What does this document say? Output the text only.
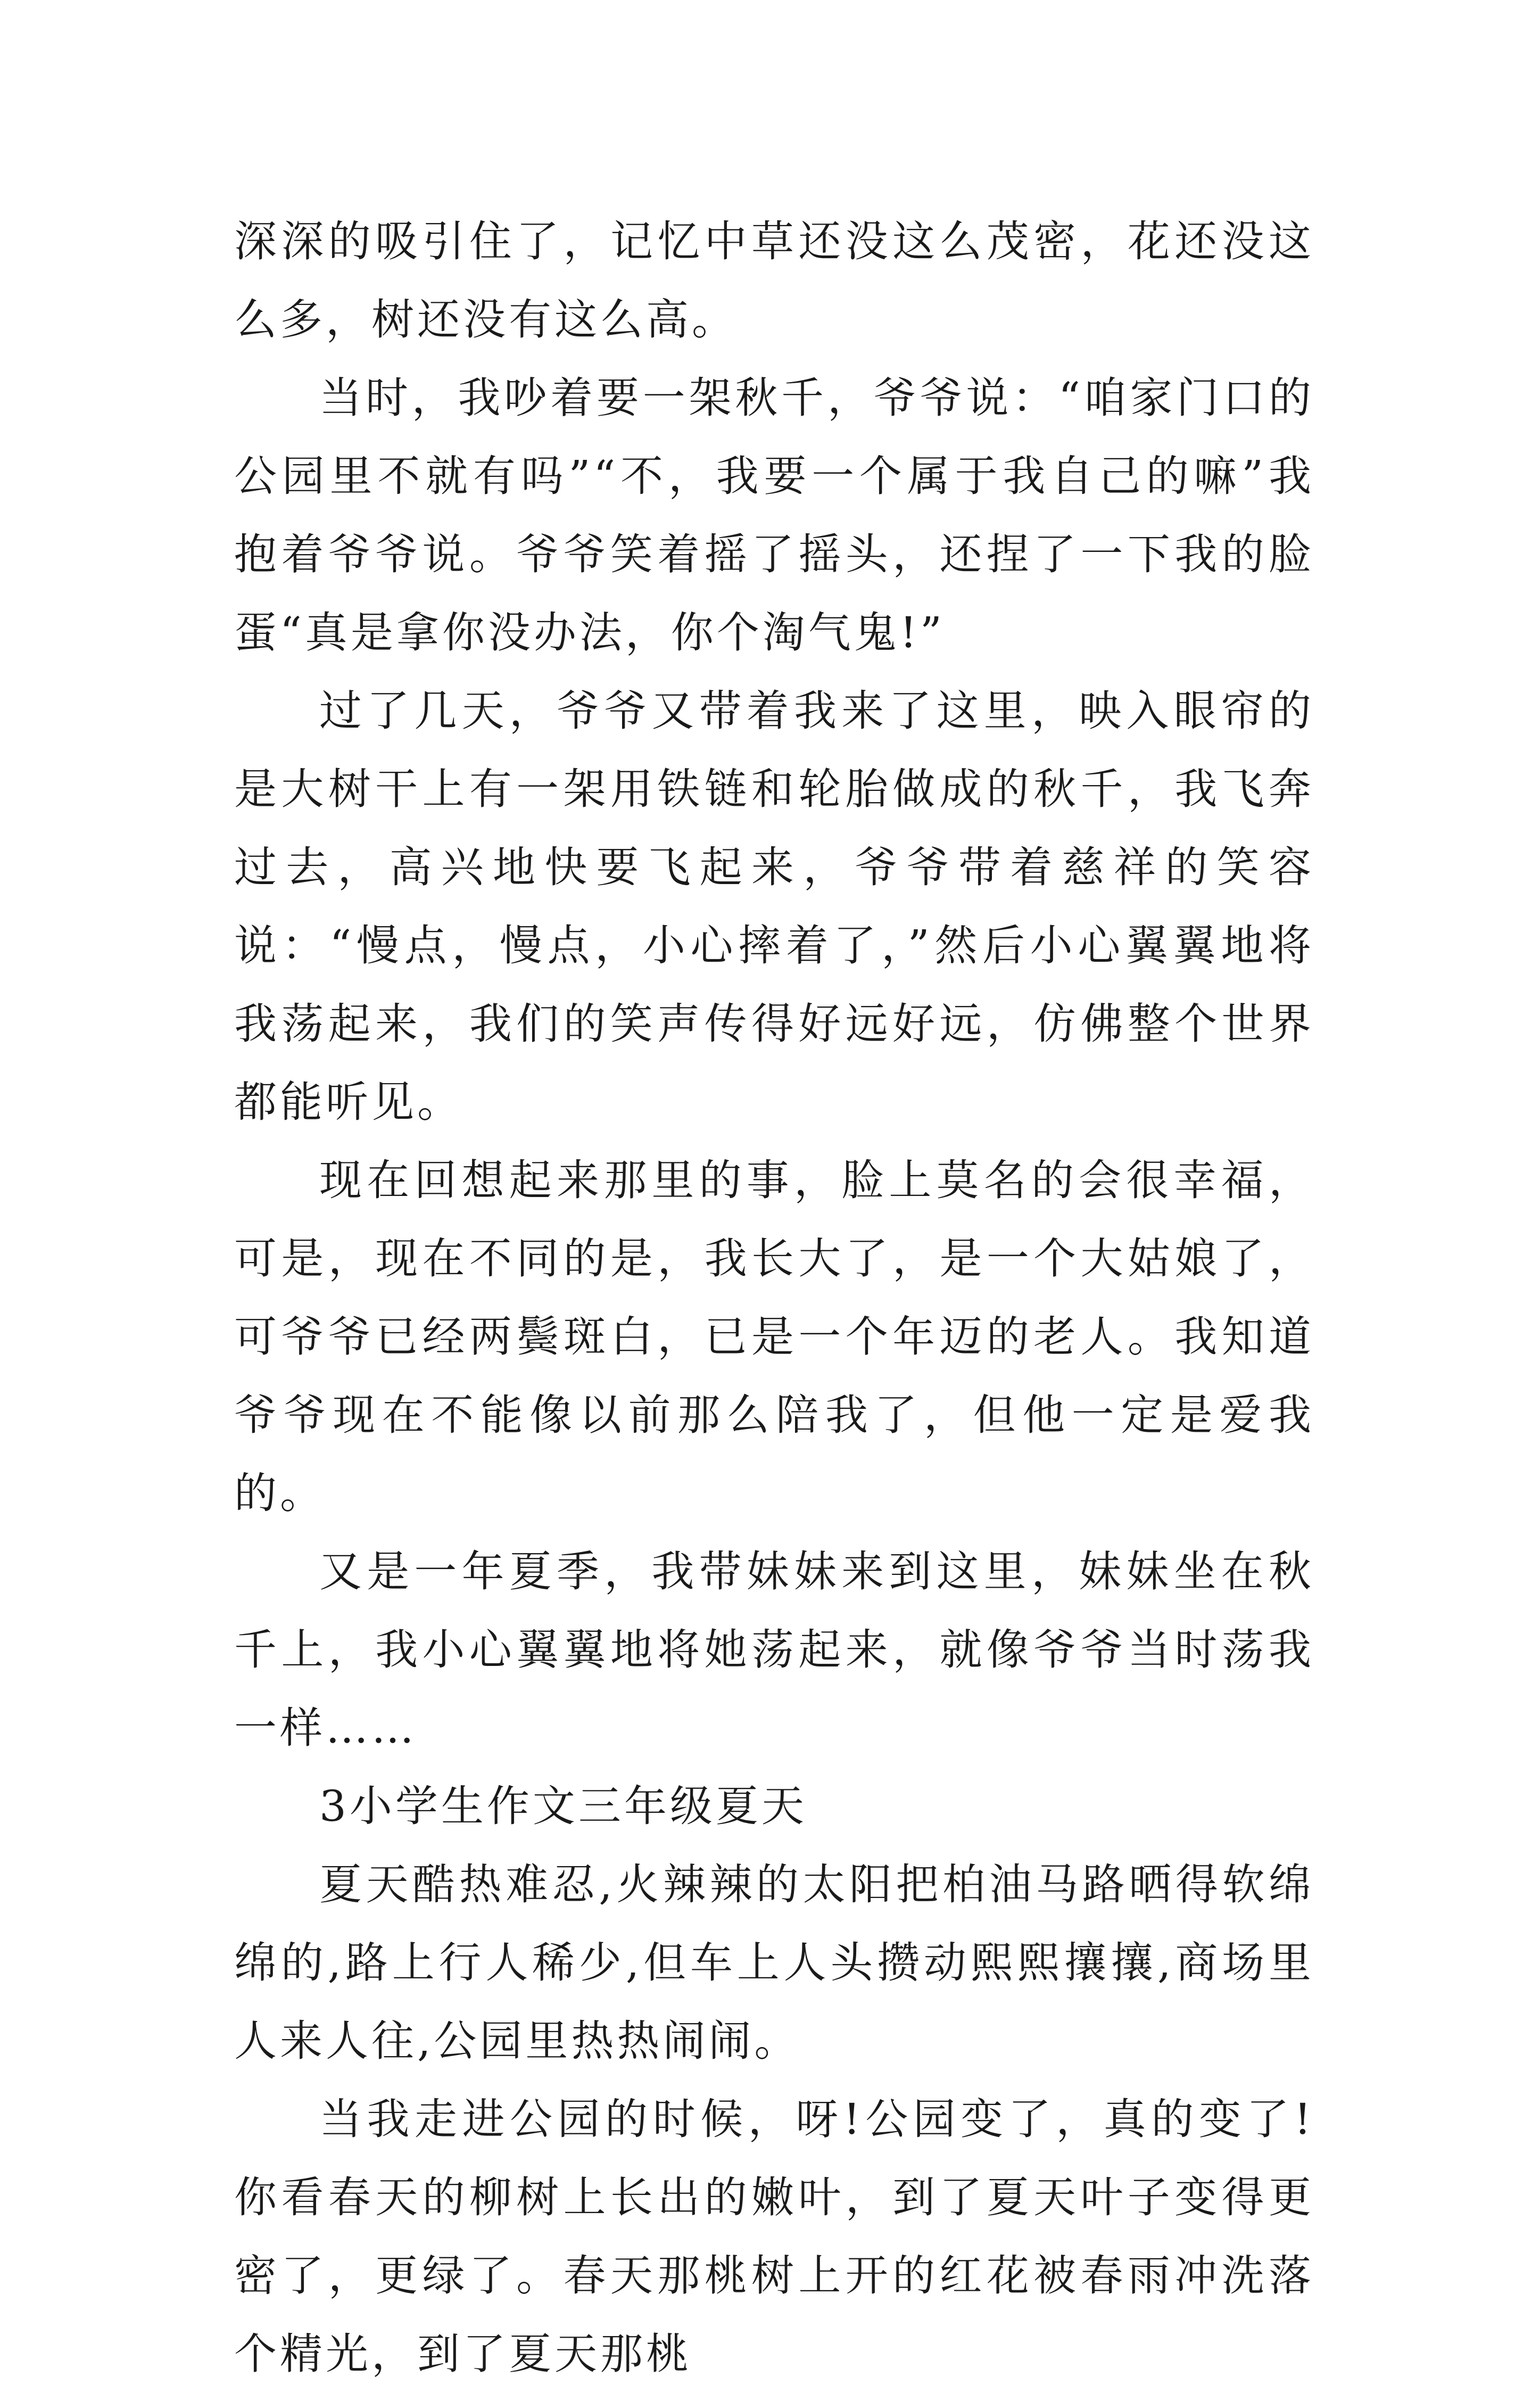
深深的吸引住了，记忆中草还没这么茂密，花还没这么多，树还没有这么高。

当时，我吵着要一架秋千，爷爷说：“咱家门口的公园里不就有吗”“不，我要一个属于我自己的嘛”我抱着爷爷说。爷爷笑着摇了摇头，还捏了一下我的脸蛋“真是拿你没办法，你个淘气鬼!”

过了几天，爷爷又带着我来了这里，映入眼帘的是大树干上有一架用铁链和轮胎做成的秋千，我飞奔过去，高兴地快要飞起来，爷爷带着慈祥的笑容说：“慢点，慢点，小心摔着了，”然后小心翼翼地将我荡起来，我们的笑声传得好远好远，仿佛整个世界都能听见。

现在回想起来那里的事，脸上莫名的会很幸福，可是，现在不同的是，我长大了，是一个大姑娘了，可爷爷已经两鬓斑白，已是一个年迈的老人。我知道爷爷现在不能像以前那么陪我了，但他一定是爱我的。

又是一年夏季，我带妹妹来到这里，妹妹坐在秋千上，我小心翼翼地将她荡起来，就像爷爷当时荡我一样……

3小学生作文三年级夏天

夏天酷热难忍,火辣辣的太阳把柏油马路晒得软绵绵的,路上行人稀少,但车上人头攒动熙熙攘攘,商场里人来人往,公园里热热闹闹。

当我走进公园的时候，呀!公园变了，真的变了!你看春天的柳树上长出的嫩叶，到了夏天叶子变得更密了，更绿了。春天那桃树上开的红花被春雨冲洗落个精光，到了夏天那桃
